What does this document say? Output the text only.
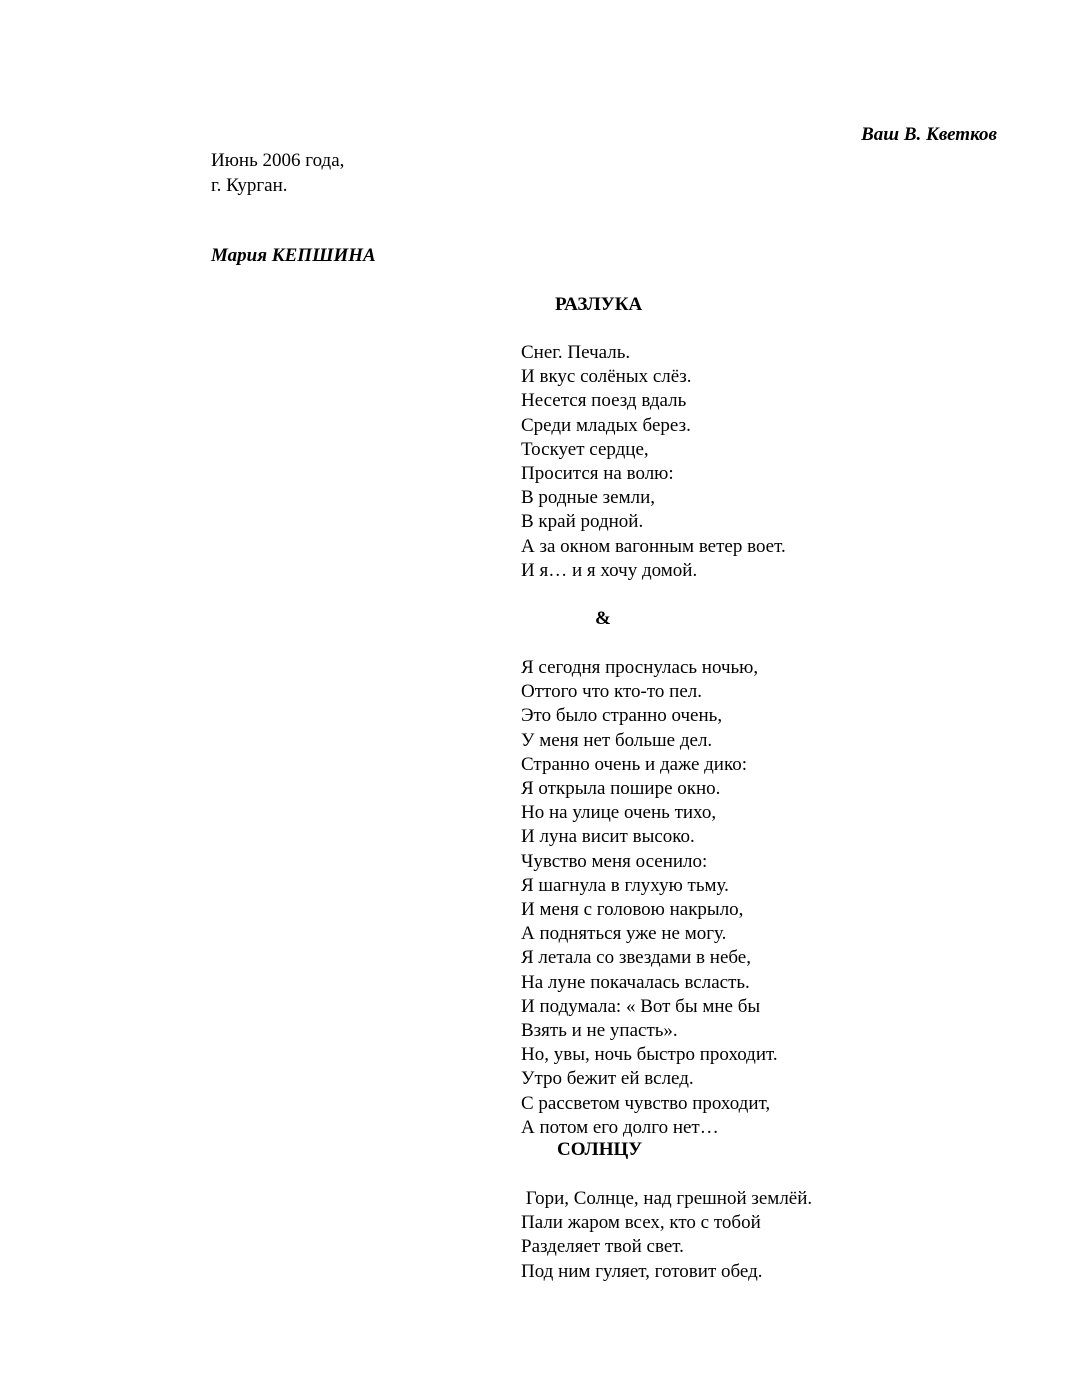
Ваш В. Кветков
Июнь 2006 года,
г. Курган.
Мария КЕПШИНА
РАЗЛУКА
Снег. Печаль.
И вкус солёных слёз.
Несется поезд вдаль
Среди младых берез.
Тоскует сердце,
Просится на волю:
В родные земли,
В край родной.
А за окном вагонным ветер воет.
И я… и я хочу домой.
&
Я сегодня проснулась ночью,
Оттого что кто-то пел.
Это было странно очень,
У меня нет больше дел.
Странно очень и даже дико:
Я открыла пошире окно.
Но на улице очень тихо,
И луна висит высоко.
Чувство меня осенило:
Я шагнула в глухую тьму.
И меня с головою накрыло,
А подняться уже не могу.
Я летала со звездами в небе,
На луне покачалась всласть.
И подумала: « Вот бы мне бы
Взять и не упасть».
Но, увы, ночь быстро проходит.
Утро бежит ей вслед.
С рассветом чувство проходит,
А потом его долго нет…
СОЛНЦУ
Гори, Солнце, над грешной землёй.
Пали жаром всех, кто с тобой
Разделяет твой свет.
Под ним гуляет, готовит обед.
